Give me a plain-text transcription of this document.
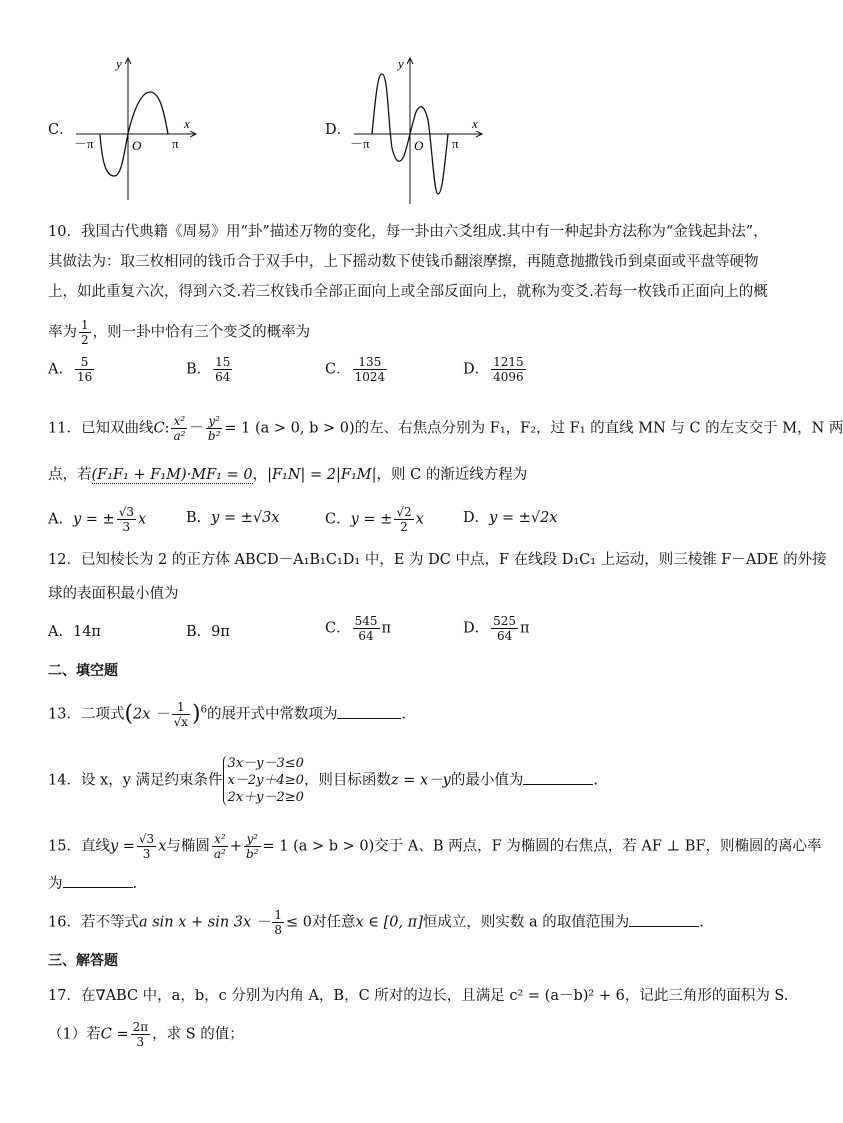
C．
y
x
O
－π	π
D．
y
x
O
－π	π
10．我国古代典籍《周易》用“卦”描述万物的变化，每一卦由六爻组成.其中有一种起卦方法称为“金钱起卦法”，
其做法为：取三枚相同的钱币合于双手中，上下摇动数下使钱币翻滚摩擦，再随意抛撒钱币到桌面或平盘等硬物
上，如此重复六次，得到六爻.若三枚钱币全部正面向上或全部反面向上，就称为变爻.若每一枚钱币正面向上的概
率为 $\frac{1}{2}$ ，则一卦中恰有三个变爻的概率为
A． $\frac{5}{16}$	B． $\frac{15}{64}$	C． $\frac{135}{1024}$	D． $\frac{1215}{4096}$
11．已知双曲线C: $\frac{\text{x²}}{\text{a²}} - \frac{\text{y²}}{\text{b²}} = 1$ (a > 0, b > 0)的左、右焦点分别为 F₁，F₂，过 F₁ 的直线 MN 与 C 的左支交于 M，N 两
点，若(F₁F₁ + F₁M)·MF₁ = 0，|F₁N| = 2|F₁M|，则 C 的渐近线方程为
A．y = ± $\frac{√3}{3}$ x	B．y = ±√3x	C．y = ± $\frac{√2}{2}$ x	D．y = ±√2x
12．已知棱长为 2 的正方体 ABCD－A₁B₁C₁D₁ 中，E 为 DC 中点，F 在线段 D₁C₁ 上运动，则三棱锥 F－ADE 的外接
球的表面积最小值为
A．14π	B．9π	C． $\frac{545}{64}$ π	D． $\frac{525}{64}$ π
二、填空题
13．二项式$(2x - \frac{1}{√x} )^6$的展开式中常数项为	.
14．设 x，y 满足约束条件
3x－y－3≤0
x－2y＋4≥0
2x＋y－2≥0
，则目标函数z = x－y的最小值为	.
15．直线$y = \frac{√3}{3}$ x与椭圆 $\frac{\text{x²}}{\text{a²}} + \frac{\text{y²}}{\text{b²}} = 1$ (a > b > 0)交于 A、B 两点，F 为椭圆的右焦点，若 AF ⊥ BF，则椭圆的离心率
为	.
16．若不等式a $\sin x + \sin 3x - \frac{1}{8} \le 0$对任意x ∈ [0, π]恒成立，则实数 a 的取值范围为	.
三、解答题
17．在∇ABC 中，a，b，c 分别为内角 A，B，C 所对的边长，且满足 c² = (a－b)² + 6，记此三角形的面积为 S.
（1）若$C = \frac{2\pi}{3}$ ，求 S 的值；
